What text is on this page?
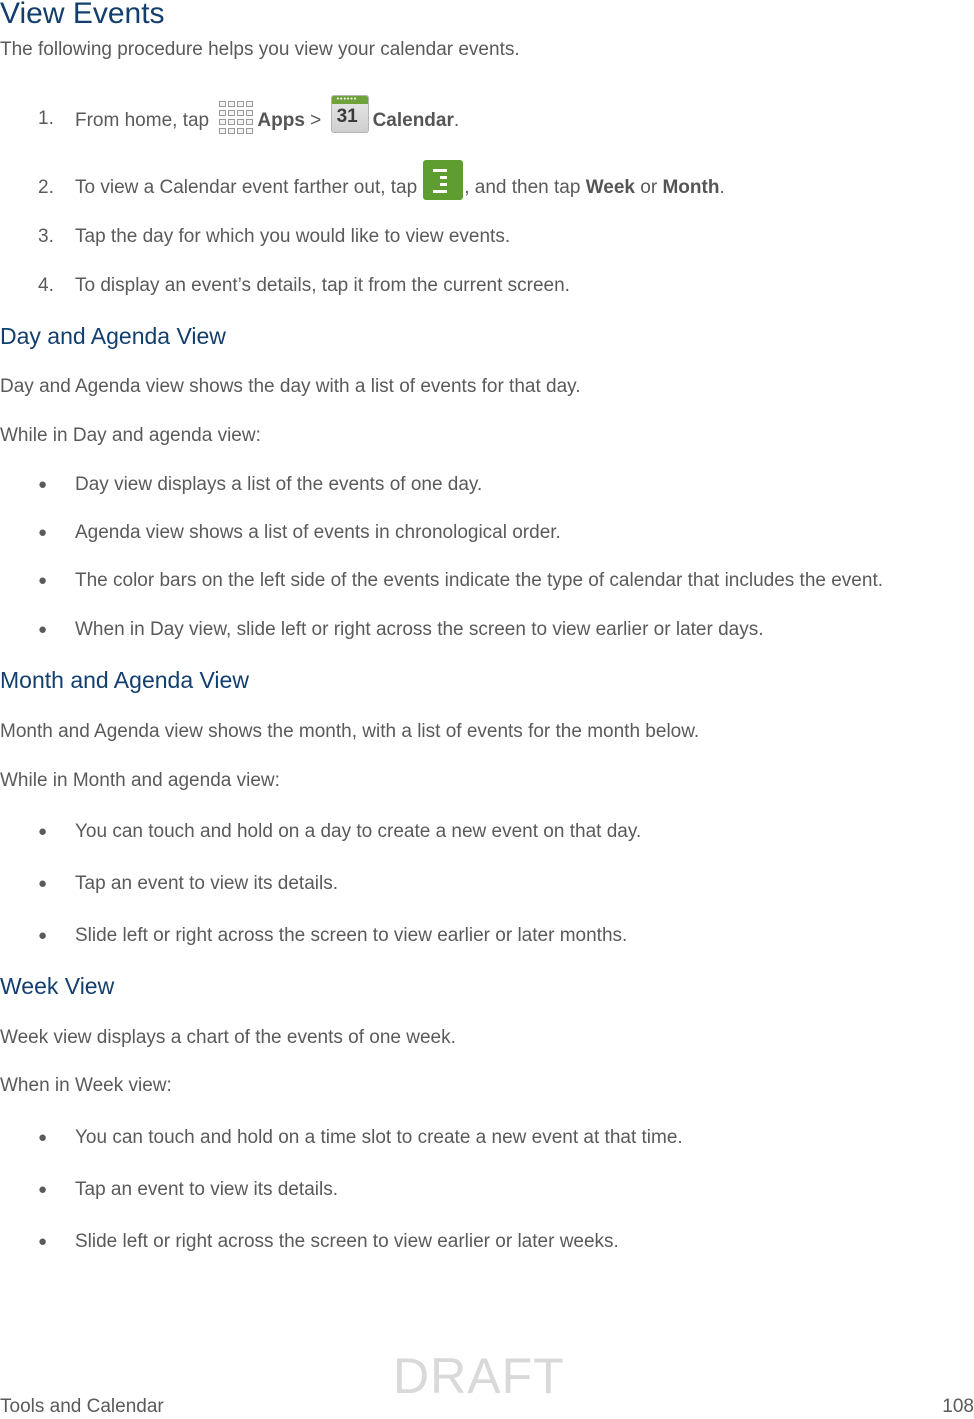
View Events
The following procedure helps you view your calendar events.
1. From home, tap	Apps >
••••••
31 Calendar.
2. To view a Calendar event farther out, tap , and then tap Week or Month.
3. Tap the day for which you would like to view events.
4. To display an event’s details, tap it from the current screen.
Day and Agenda View
Day and Agenda view shows the day with a list of events for that day.
While in Day and agenda view:
● Day view displays a list of the events of one day.
● Agenda view shows a list of events in chronological order.
● The color bars on the left side of the events indicate the type of calendar that includes the event.
● When in Day view, slide left or right across the screen to view earlier or later days.
Month and Agenda View
Month and Agenda view shows the month, with a list of events for the month below.
While in Month and agenda view:
● You can touch and hold on a day to create a new event on that day.
● Tap an event to view its details.
● Slide left or right across the screen to view earlier or later months.
Week View
Week view displays a chart of the events of one week.
When in Week view:
● You can touch and hold on a time slot to create a new event at that time.
● Tap an event to view its details.
● Slide left or right across the screen to view earlier or later weeks.
DRAFT
Tools and Calendar	108
